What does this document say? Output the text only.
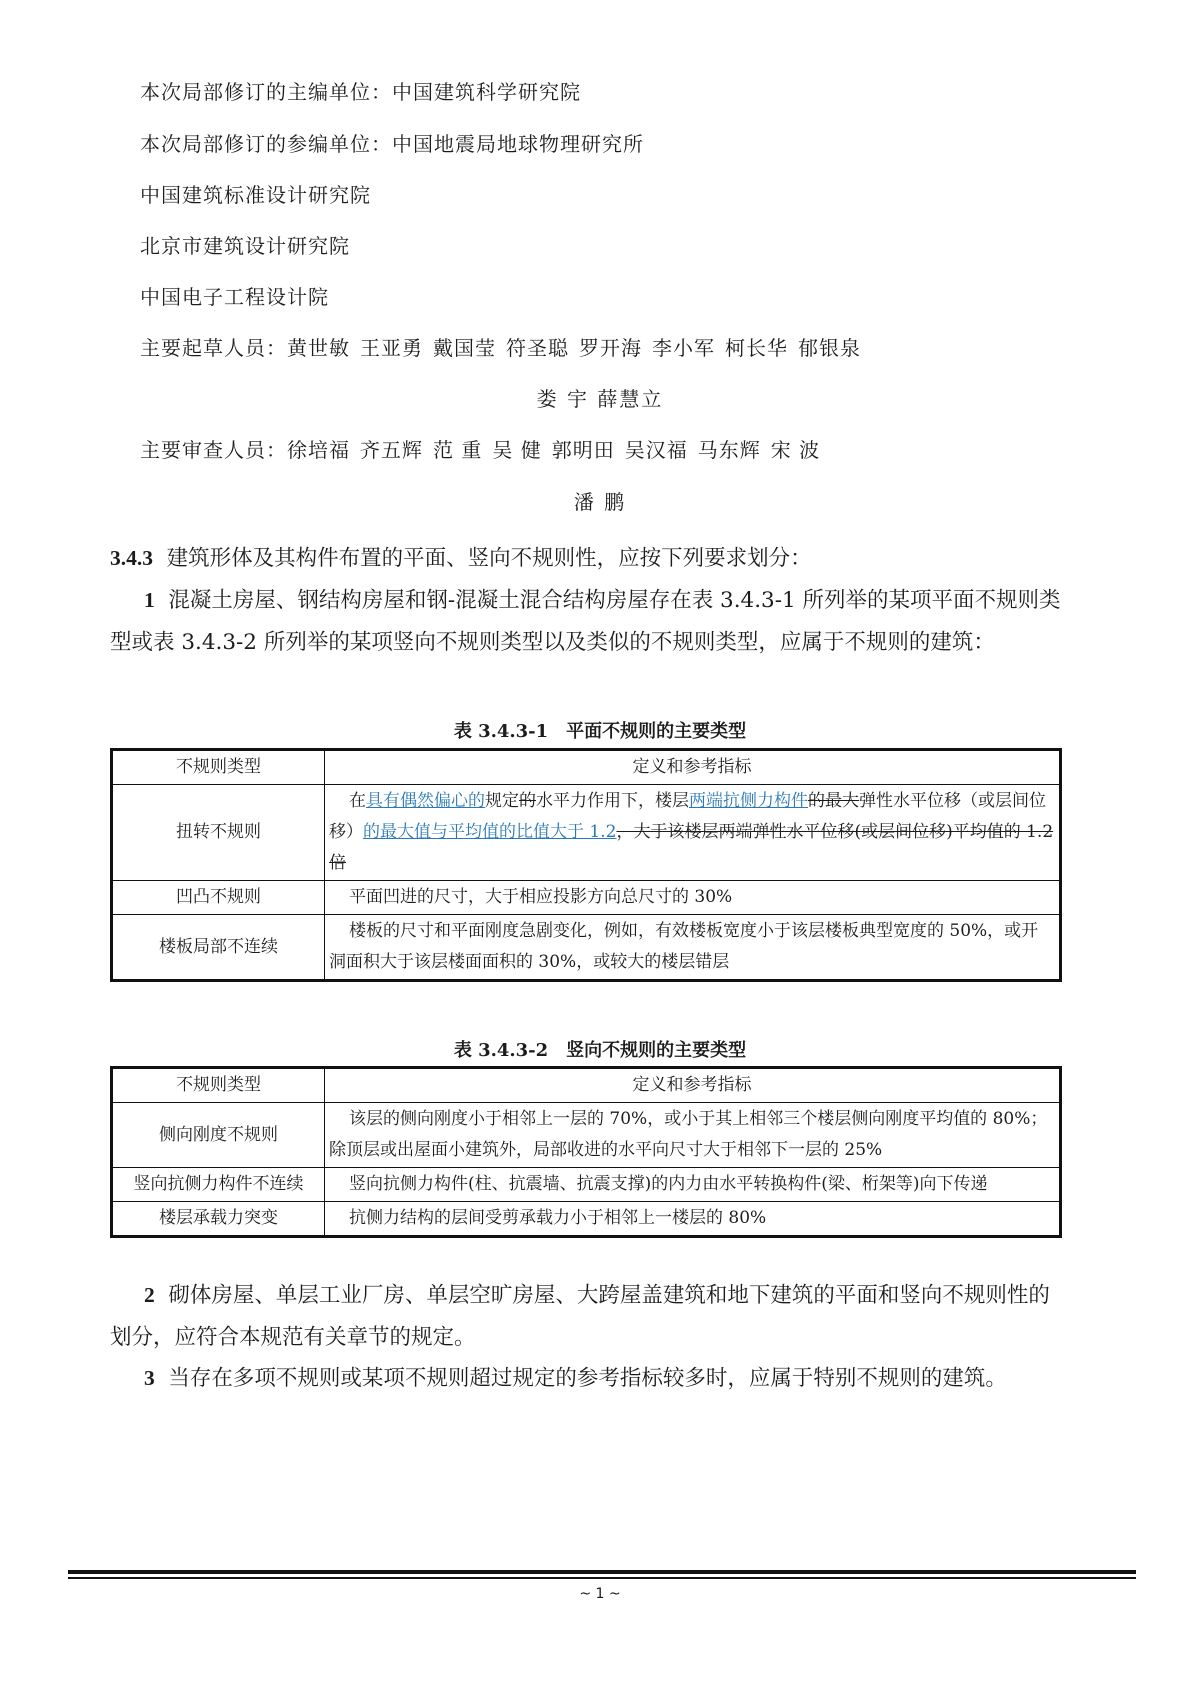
本次局部修订的主编单位：中国建筑科学研究院
本次局部修订的参编单位：中国地震局地球物理研究所
中国建筑标准设计研究院
北京市建筑设计研究院
中国电子工程设计院
主要起草人员：黄世敏 王亚勇 戴国莹 符圣聪 罗开海 李小军 柯长华 郁银泉
娄 宇 薛慧立
主要审查人员：徐培福 齐五辉 范 重 吴 健 郭明田 吴汉福 马东辉 宋 波
潘 鹏
3.4.3 建筑形体及其构件布置的平面、竖向不规则性，应按下列要求划分：
1 混凝土房屋、钢结构房屋和钢-混凝土混合结构房屋存在表 3.4.3-1 所列举的某项平面不规则类型或表 3.4.3-2 所列举的某项竖向不规则类型以及类似的不规则类型，应属于不规则的建筑：
表 3.4.3-1　平面不规则的主要类型
不规则类型	定义和参考指标
扭转不规则	在具有偶然偏心的规定的水平力作用下，楼层两端抗侧力构件的最大弹性水平位移（或层间位移）的最大值与平均值的比值大于 1.2，大于该楼层两端弹性水平位移(或层间位移)平均值的 1.2 倍
凹凸不规则	平面凹进的尺寸，大于相应投影方向总尺寸的 30%
楼板局部不连续	楼板的尺寸和平面刚度急剧变化，例如，有效楼板宽度小于该层楼板典型宽度的 50%，或开洞面积大于该层楼面面积的 30%，或较大的楼层错层
表 3.4.3-2　竖向不规则的主要类型
不规则类型	定义和参考指标
侧向刚度不规则	该层的侧向刚度小于相邻上一层的 70%，或小于其上相邻三个楼层侧向刚度平均值的 80%；除顶层或出屋面小建筑外，局部收进的水平向尺寸大于相邻下一层的 25%
竖向抗侧力构件不连续	竖向抗侧力构件(柱、抗震墙、抗震支撑)的内力由水平转换构件(梁、桁架等)向下传递
楼层承载力突变	抗侧力结构的层间受剪承载力小于相邻上一楼层的 80%
2 砌体房屋、单层工业厂房、单层空旷房屋、大跨屋盖建筑和地下建筑的平面和竖向不规则性的划分，应符合本规范有关章节的规定。
3 当存在多项不规则或某项不规则超过规定的参考指标较多时，应属于特别不规则的建筑。
~ 1 ~
